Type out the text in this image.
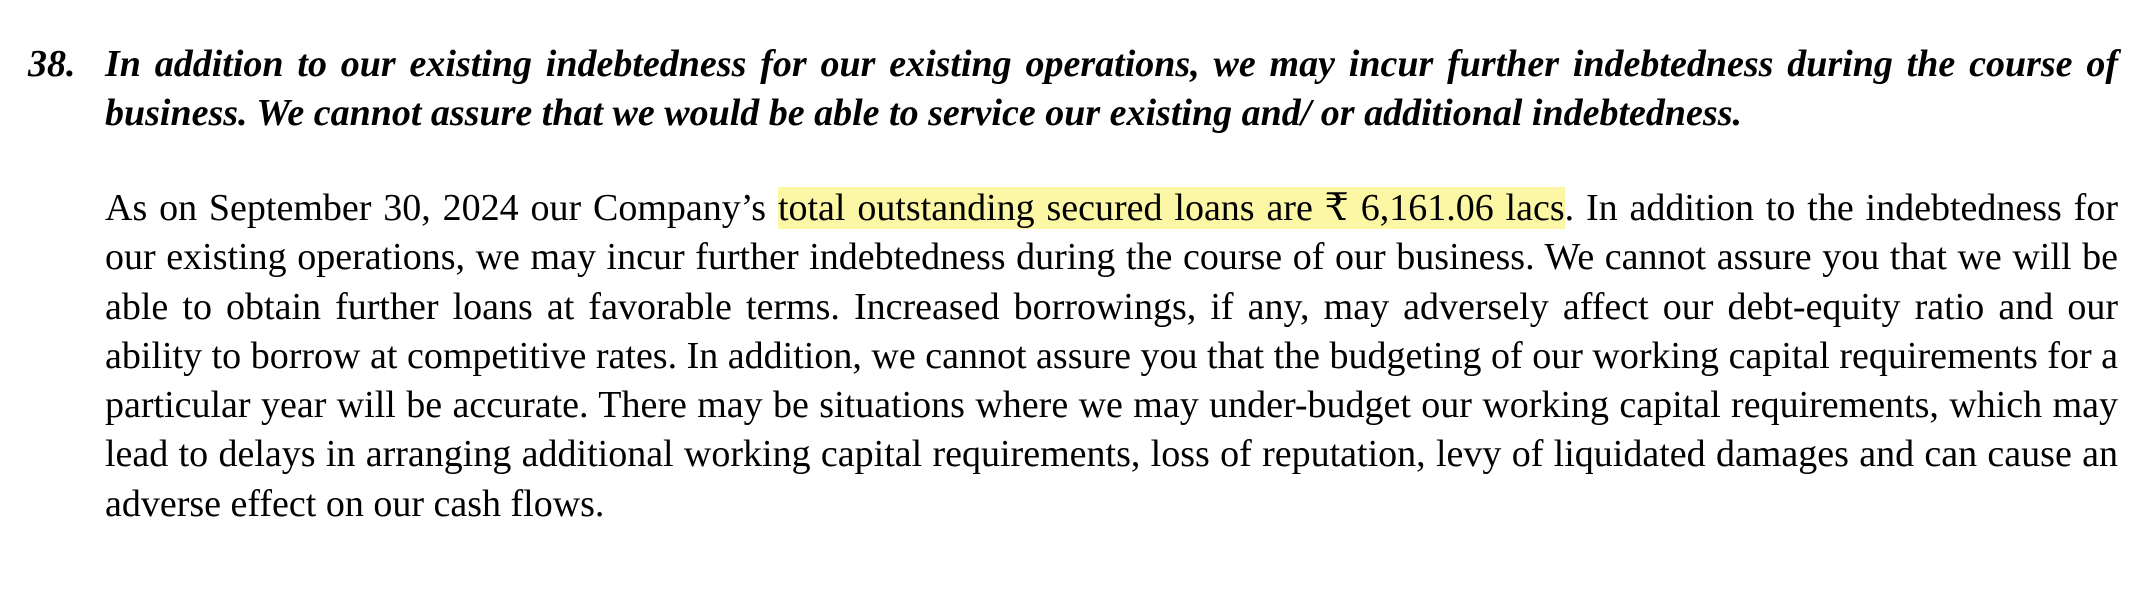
38. In addition to our existing indebtedness for our existing operations, we may incur further indebtedness during the course of business. We cannot assure that we would be able to service our existing and/ or additional indebtedness.
As on September 30, 2024 our Company’s total outstanding secured loans are ₹ 6,161.06 lacs. In addition to the indebtedness for our existing operations, we may incur further indebtedness during the course of our business. We cannot assure you that we will be able to obtain further loans at favorable terms. Increased borrowings, if any, may adversely affect our debt-equity ratio and our ability to borrow at competitive rates. In addition, we cannot assure you that the budgeting of our working capital requirements for a particular year will be accurate. There may be situations where we may under-budget our working capital requirements, which may lead to delays in arranging additional working capital requirements, loss of reputation, levy of liquidated damages and can cause an adverse effect on our cash flows.
